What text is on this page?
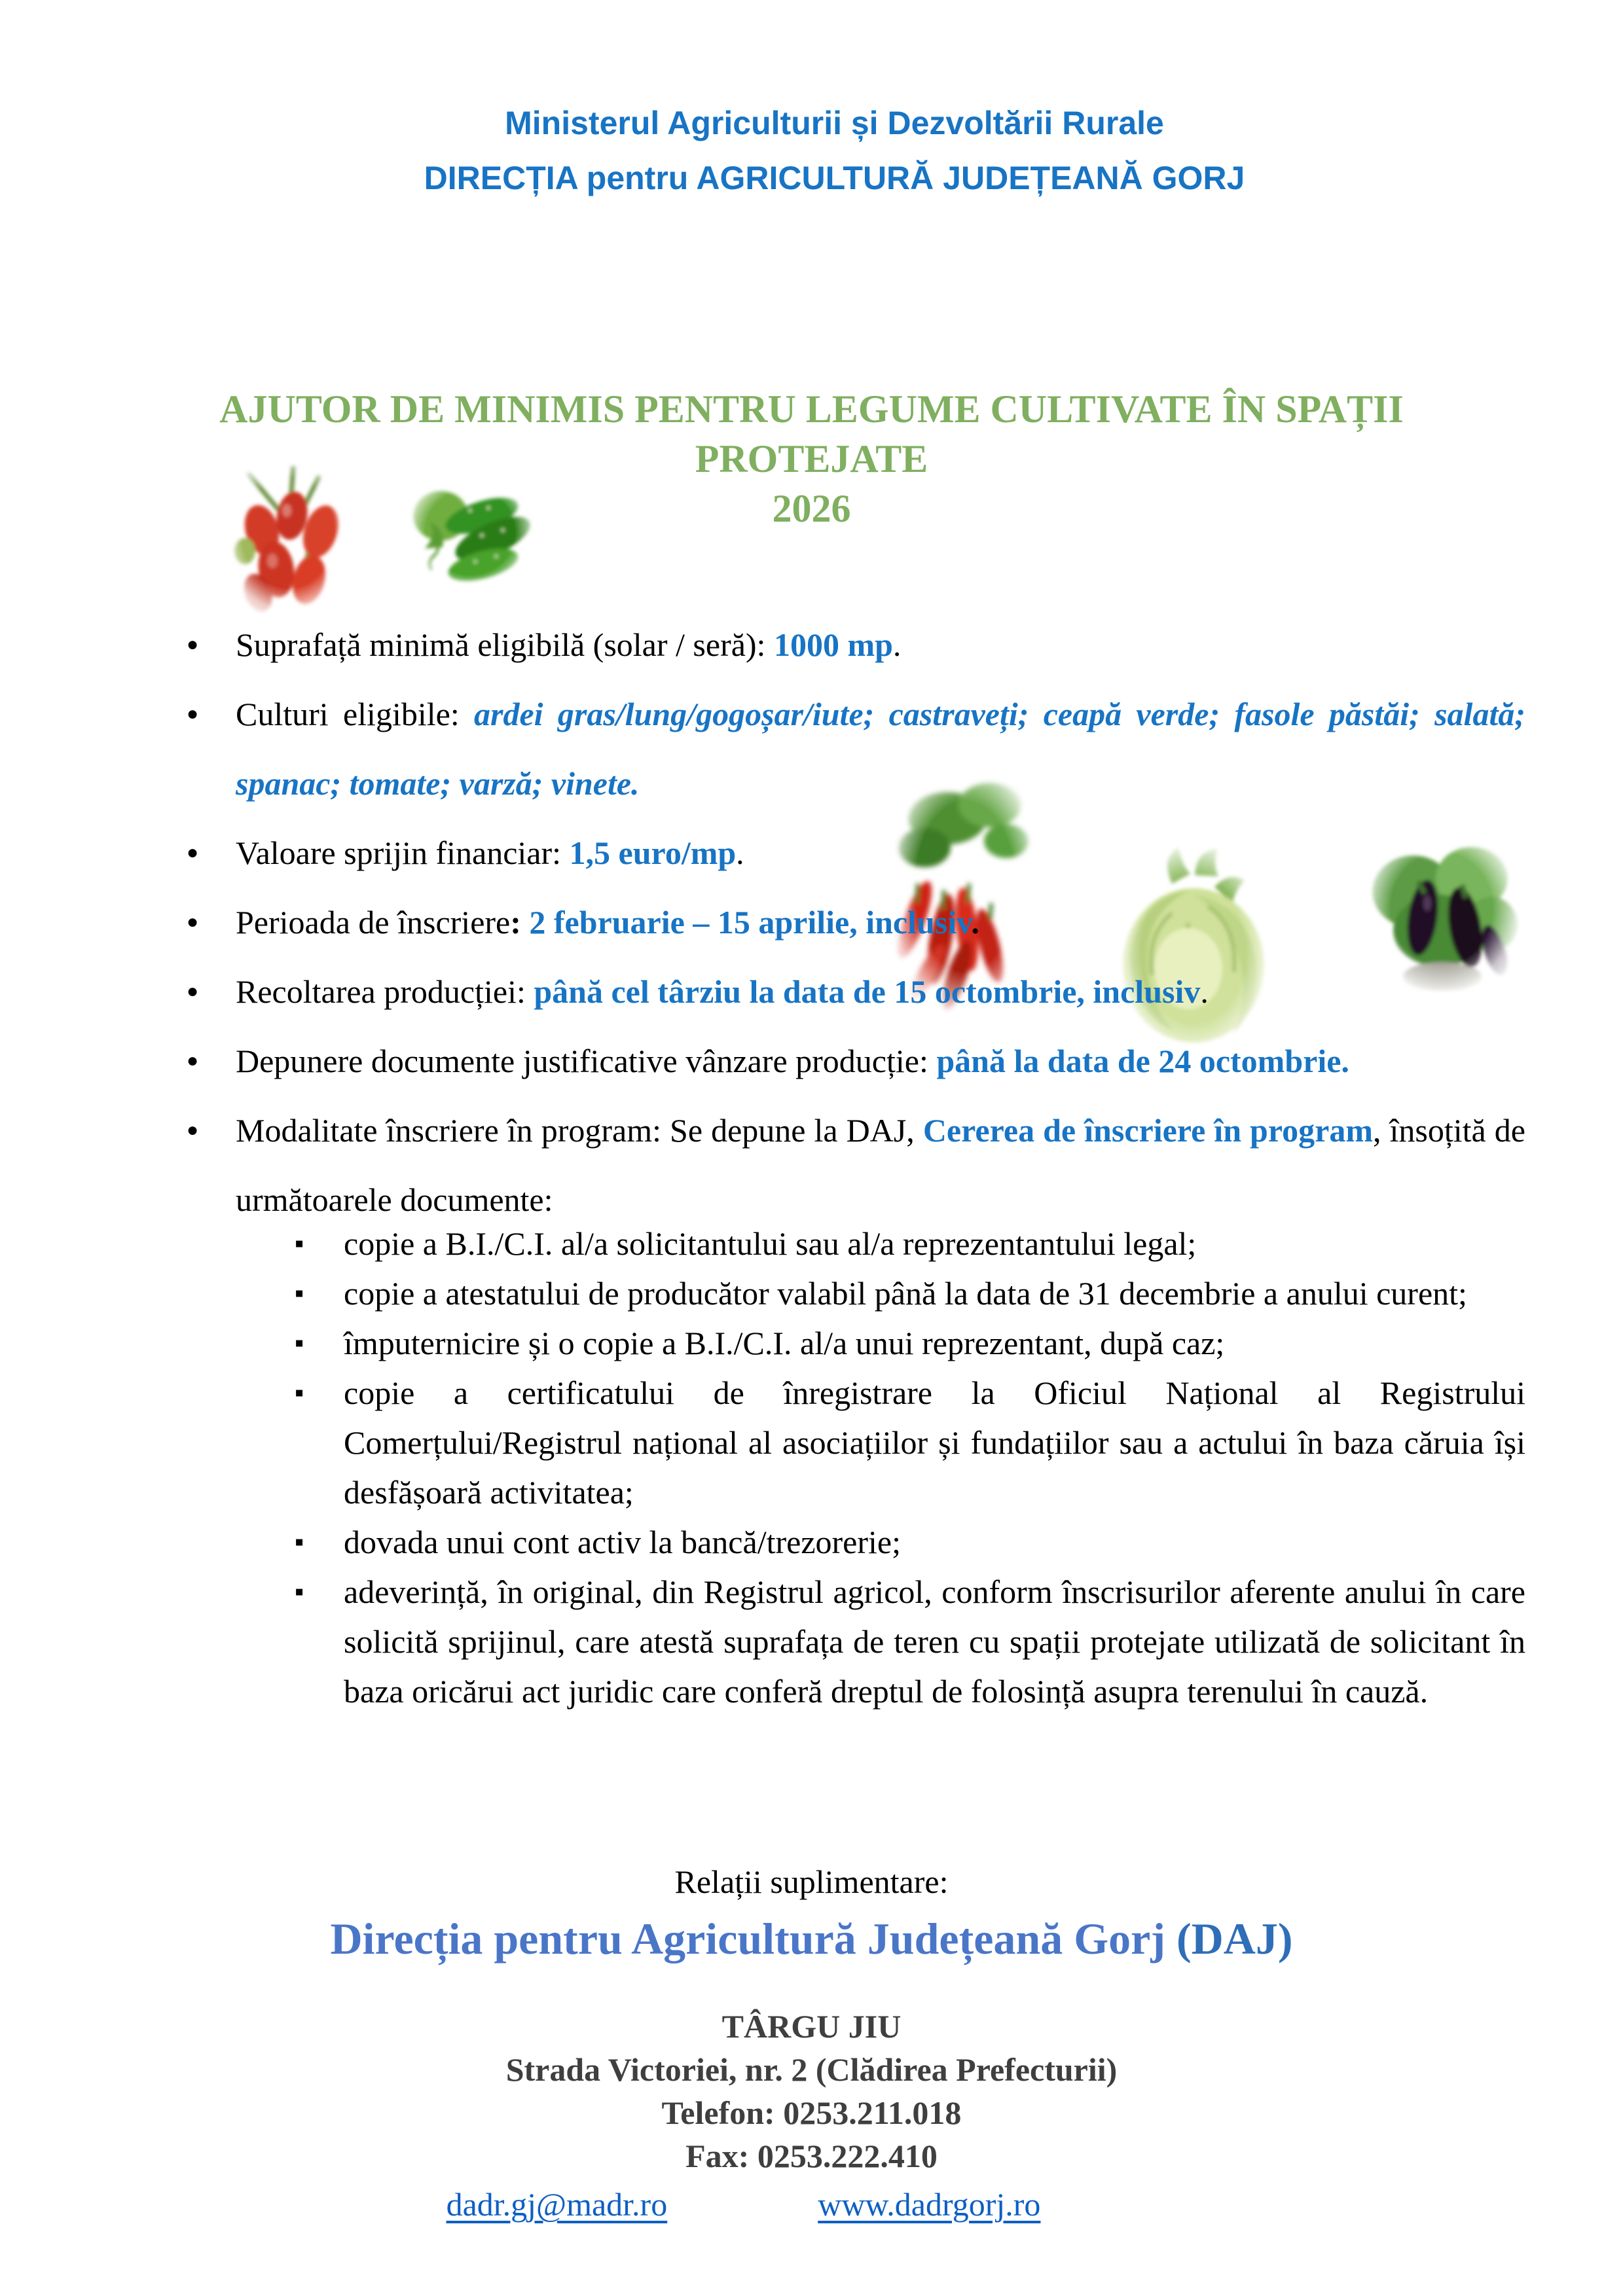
Ministerul Agriculturii și Dezvoltării Rurale
DIRECȚIA pentru AGRICULTURĂ JUDEȚEANĂ GORJ
AJUTOR DE MINIMIS PENTRU LEGUME CULTIVATE ÎN SPAȚII
PROTEJATE
2026
●	Suprafață minimă eligibilă (solar / seră): 1000 mp.

●	Culturi eligibile: ardei gras/lung/gogoșar/iute; castraveți; ceapă verde; fasole păstăi; salată; spanac; tomate; varză; vinete.

●	Valoare sprijin financiar: 1,5 euro/mp.

●	Perioada de înscriere: 2 februarie – 15 aprilie, inclusiv.

●	Recoltarea producției: până cel târziu la data de 15 octombrie, inclusiv.

●	Depunere documente justificative vânzare producție: până la data de 24 octombrie.

●	Modalitate înscriere în program: Se depune la DAJ, Cererea de înscriere în program, însoțită de următoarele documente:

▪	copie a B.I./C.I. al/a solicitantului sau al/a reprezentantului legal;

▪	copie a atestatului de producător valabil până la data de 31 decembrie a anului curent;

▪	împuternicire și o copie a B.I./C.I. al/a unui reprezentant, după caz;

▪	copie a certificatului de înregistrare la Oficiul Național al Registrului Comerțului/Registrul național al asociațiilor și fundațiilor sau a actului în baza căruia își desfășoară activitatea;

▪	dovada unui cont activ la bancă/trezorerie;

▪	adeverință, în original, din Registrul agricol, conform înscrisurilor aferente anului în care solicită sprijinul, care atestă suprafața de teren cu spații protejate utilizată de solicitant în baza oricărui act juridic care conferă dreptul de folosință asupra terenului în cauză.

Relații suplimentare:
Direcția pentru Agricultură Județeană Gorj (DAJ)
TÂRGU JIU
Strada Victoriei, nr. 2 (Clădirea Prefecturii)
Telefon: 0253.211.018
Fax: 0253.222.410
dadr.gj@madr.ro	www.dadrgorj.ro
